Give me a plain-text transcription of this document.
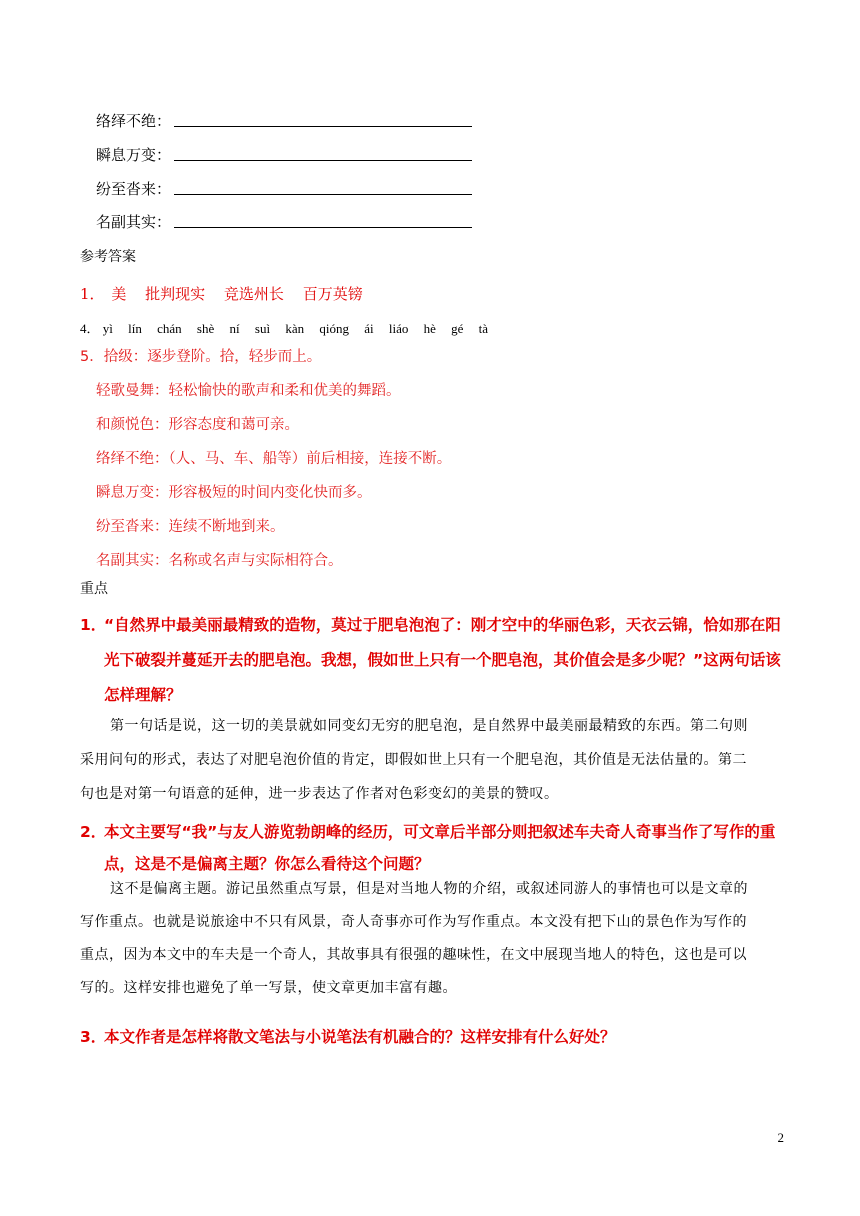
络绎不绝：
瞬息万变：
纷至沓来：
名副其实：
参考答案
1． 美 批判现实 竞选州长 百万英镑
4． yì lín chán shè ní suì kàn qióng ái liáo hè gé tà
5．拾级：逐步登阶。拾，轻步而上。
轻歌曼舞：轻松愉快的歌声和柔和优美的舞蹈。
和颜悦色：形容态度和蔼可亲。
络绎不绝：（人、马、车、船等）前后相接，连接不断。
瞬息万变：形容极短的时间内变化快而多。
纷至沓来：连续不断地到来。
名副其实：名称或名声与实际相符合。
重点
1．
“自然界中最美丽最精致的造物，莫过于肥皂泡泡了：刚才空中的华丽色彩，天衣云锦，恰如那在阳
光下破裂并蔓延开去的肥皂泡。我想，假如世上只有一个肥皂泡，其价值会是多少呢？”这两句话该
怎样理解？
第一句话是说，这一切的美景就如同变幻无穷的肥皂泡，是自然界中最美丽最精致的东西。第二句则
采用问句的形式，表达了对肥皂泡价值的肯定，即假如世上只有一个肥皂泡，其价值是无法估量的。第二
句也是对第一句语意的延伸，进一步表达了作者对色彩变幻的美景的赞叹。
2．
本文主要写“我”与友人游览勃朗峰的经历，可文章后半部分则把叙述车夫奇人奇事当作了写作的重
点，这是不是偏离主题？你怎么看待这个问题？
这不是偏离主题。游记虽然重点写景，但是对当地人物的介绍，或叙述同游人的事情也可以是文章的
写作重点。也就是说旅途中不只有风景，奇人奇事亦可作为写作重点。本文没有把下山的景色作为写作的
重点，因为本文中的车夫是一个奇人，其故事具有很强的趣味性，在文中展现当地人的特色，这也是可以
写的。这样安排也避免了单一写景，使文章更加丰富有趣。
3．
本文作者是怎样将散文笔法与小说笔法有机融合的？这样安排有什么好处？
2
